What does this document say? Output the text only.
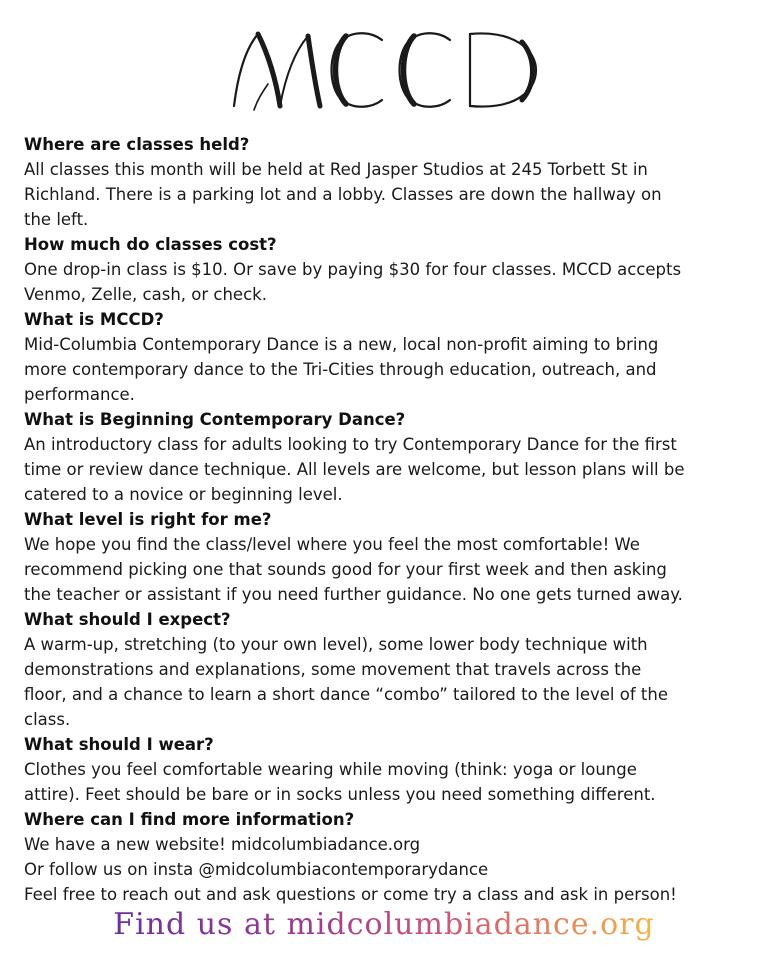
Where are classes held?

All classes this month will be held at Red Jasper Studios at 245 Torbett St in
Richland. There is a parking lot and a lobby. Classes are down the hallway on
the left.

How much do classes cost?

One drop-in class is $10. Or save by paying $30 for four classes. MCCD accepts
Venmo, Zelle, cash, or check.

What is MCCD?

Mid-Columbia Contemporary Dance is a new, local non-profit aiming to bring
more contemporary dance to the Tri-Cities through education, outreach, and
performance.

What is Beginning Contemporary Dance?

An introductory class for adults looking to try Contemporary Dance for the first
time or review dance technique. All levels are welcome, but lesson plans will be
catered to a novice or beginning level.

What level is right for me?

We hope you find the class/level where you feel the most comfortable! We
recommend picking one that sounds good for your first week and then asking
the teacher or assistant if you need further guidance. No one gets turned away.

What should I expect?

A warm-up, stretching (to your own level), some lower body technique with
demonstrations and explanations, some movement that travels across the
floor, and a chance to learn a short dance “combo” tailored to the level of the
class.

What should I wear?

Clothes you feel comfortable wearing while moving (think: yoga or lounge
attire). Feet should be bare or in socks unless you need something different.

Where can I find more information?

We have a new website! midcolumbiadance.org
Or follow us on insta @midcolumbiacontemporarydance
Feel free to reach out and ask questions or come try a class and ask in person!

Find us at midcolumbiadance.org
